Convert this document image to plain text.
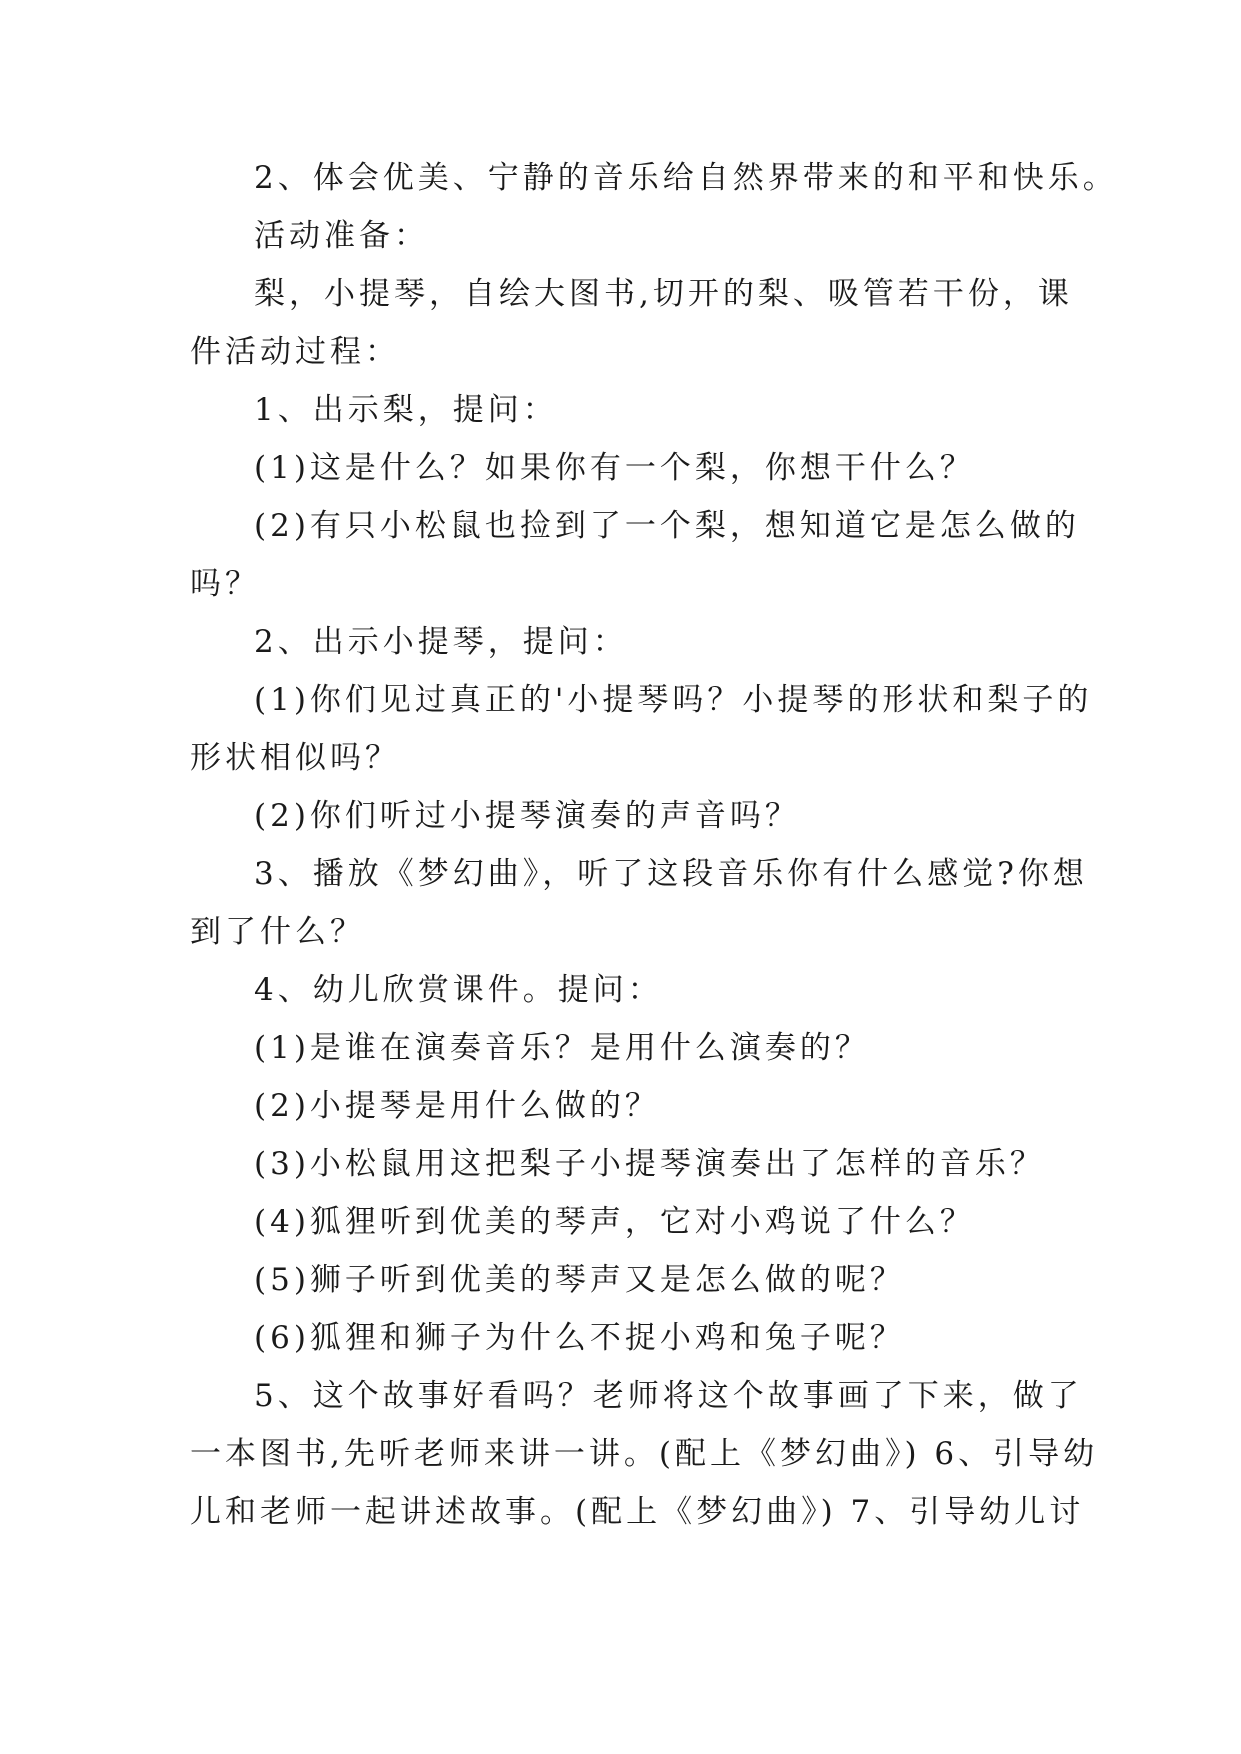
2、体会优美、宁静的音乐给自然界带来的和平和快乐。
活动准备：
梨，小提琴，自绘大图书,切开的梨、吸管若干份，课
件活动过程：
1、出示梨，提问：
(1)这是什么？如果你有一个梨，你想干什么？
(2)有只小松鼠也捡到了一个梨，想知道它是怎么做的
吗？
2、出示小提琴，提问：
(1)你们见过真正的'小提琴吗？小提琴的形状和梨子的
形状相似吗？
(2)你们听过小提琴演奏的声音吗？
3、播放《梦幻曲》，听了这段音乐你有什么感觉?你想
到了什么？
4、幼儿欣赏课件。提问：
(1)是谁在演奏音乐？是用什么演奏的？
(2)小提琴是用什么做的？
(3)小松鼠用这把梨子小提琴演奏出了怎样的音乐？
(4)狐狸听到优美的琴声，它对小鸡说了什么？
(5)狮子听到优美的琴声又是怎么做的呢？
(6)狐狸和狮子为什么不捉小鸡和兔子呢？
5、这个故事好看吗？老师将这个故事画了下来，做了
一本图书,先听老师来讲一讲。(配上《梦幻曲》) 6、引导幼
儿和老师一起讲述故事。(配上《梦幻曲》) 7、引导幼儿讨
